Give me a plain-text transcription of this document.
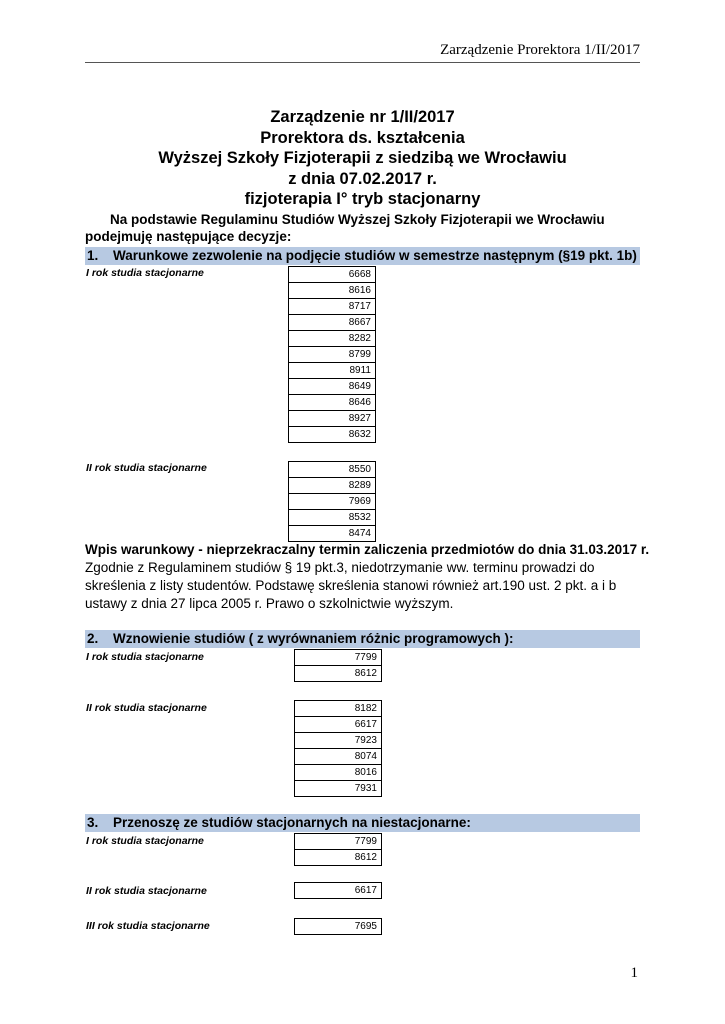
Zarządzenie Prorektora 1/II/2017
Zarządzenie nr 1/II/2017
Prorektora ds. kształcenia
Wyższej Szkoły Fizjoterapii z siedzibą we Wrocławiu
z dnia 07.02.2017 r.
fizjoterapia I° tryb stacjonarny
Na podstawie Regulaminu Studiów Wyższej Szkoły Fizjoterapii we Wrocławiu
podejmuję następujące decyzje:
1. Warunkowe zezwolenie na podjęcie studiów w semestrze następnym (§19 pkt. 1b)
I rok studia stacjonarne	6668
8616
8717
8667
8282
8799
8911
8649
8646
8927
8632
II rok studia stacjonarne	8550
8289
7969
8532
8474
Wpis warunkowy - nieprzekraczalny termin zaliczenia przedmiotów do dnia 31.03.2017 r.
Zgodnie z Regulaminem studiów § 19 pkt.3, niedotrzymanie ww. terminu prowadzi do
skreślenia z listy studentów. Podstawę skreślenia stanowi również art.190 ust. 2 pkt. a i b
ustawy z dnia 27 lipca 2005 r. Prawo o szkolnictwie wyższym.
2. Wznowienie studiów ( z wyrównaniem różnic programowych ):
I rok studia stacjonarne	7799
8612
II rok studia stacjonarne	8182
6617
7923
8074
8016
7931
3. Przenoszę ze studiów stacjonarnych na niestacjonarne:
I rok studia stacjonarne	7799
8612
II rok studia stacjonarne	6617
III rok studia stacjonarne	7695
1
